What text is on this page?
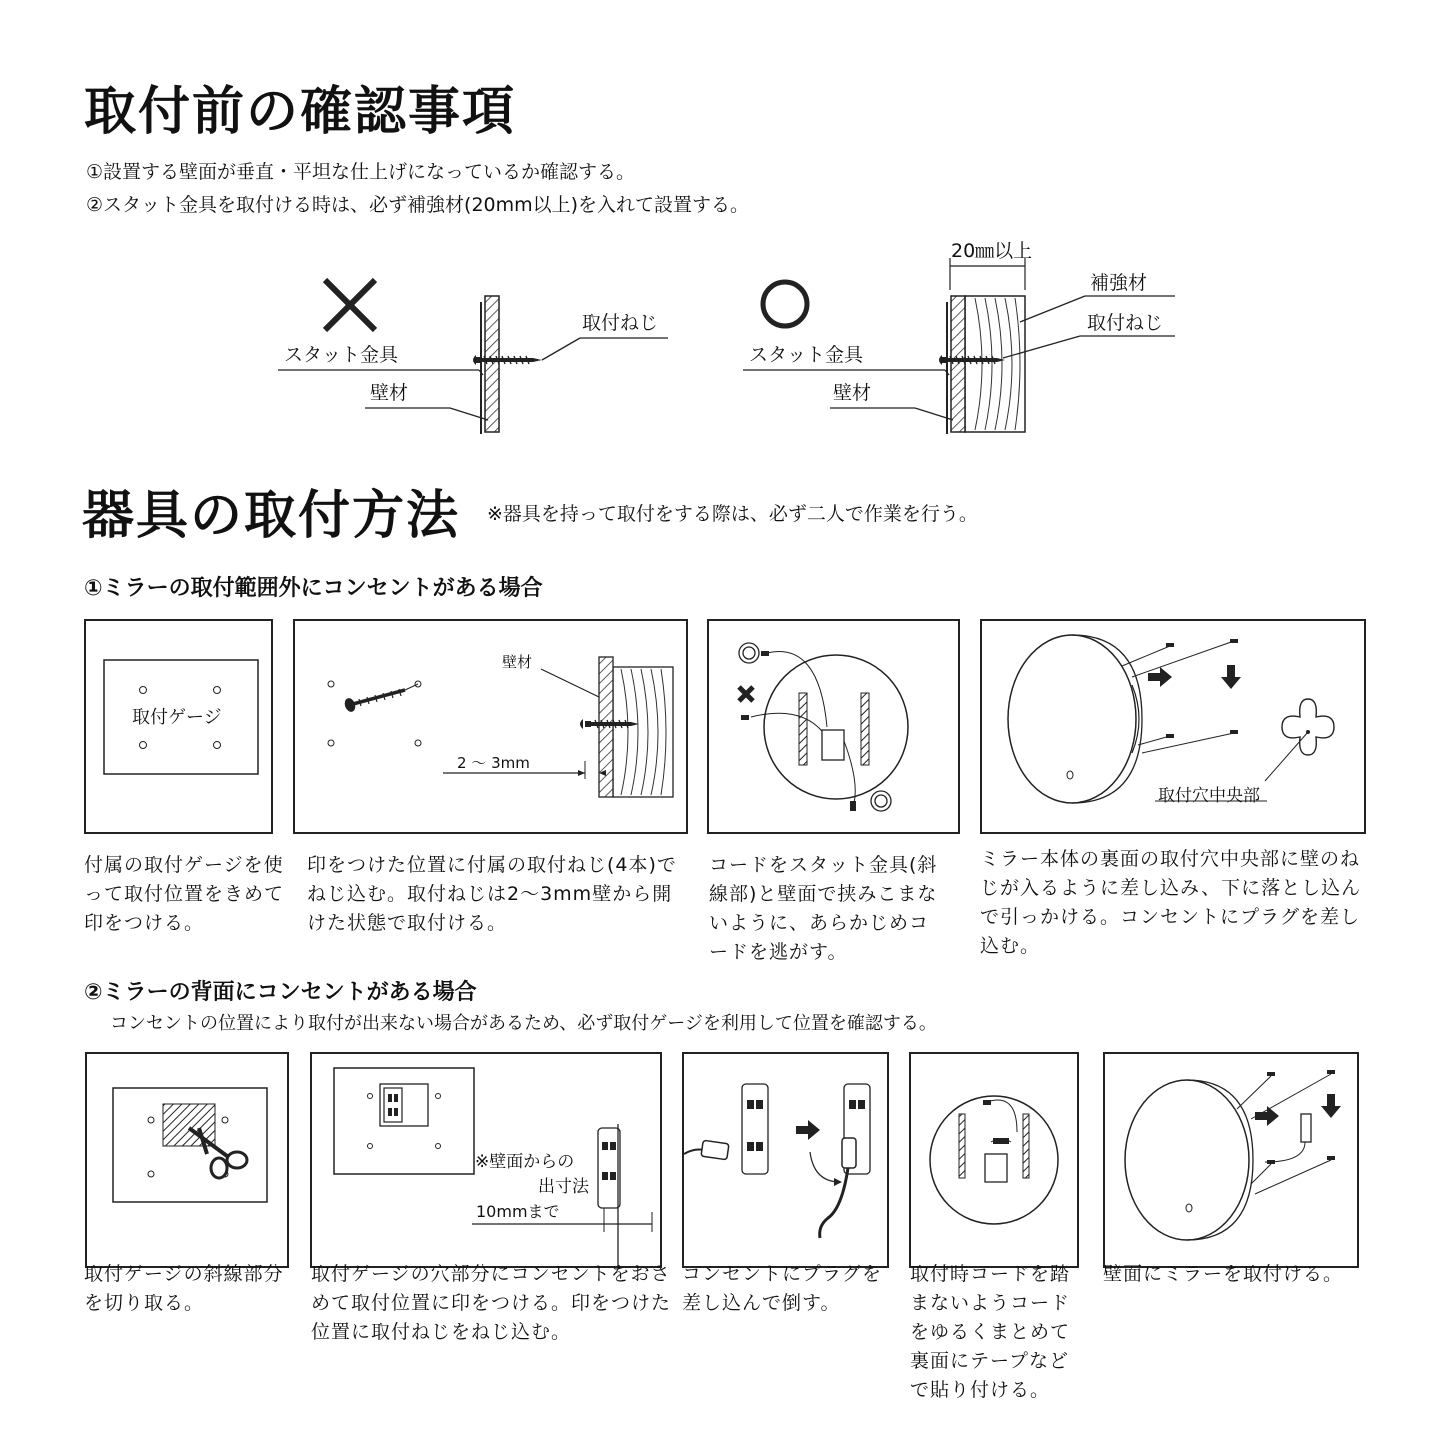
取付前の確認事項
①設置する壁面が垂直・平坦な仕上げになっているか確認する。
②スタット金具を取付ける時は、必ず補強材(20mm以上)を入れて設置する。
取付ねじ
スタット金具
壁材
20㎜以上
補強材
取付ねじ
スタット金具
壁材
器具の取付方法 ※器具を持って取付をする際は、必ず二人で作業を行う。
①ミラーの取付範囲外にコンセントがある場合
取付ゲージ
壁材
2 ～ 3mm
取付穴中央部
付属の取付ゲージを使って取付位置をきめて印をつける。
印をつけた位置に付属の取付ねじ(4本)でねじ込む。取付ねじは2～3mm壁から開けた状態で取付ける。
コードをスタット金具(斜線部)と壁面で挟みこまないように、あらかじめコードを逃がす。
ミラー本体の裏面の取付穴中央部に壁のねじが入るように差し込み、下に落とし込んで引っかける。コンセントにプラグを差し込む。
②ミラーの背面にコンセントがある場合
コンセントの位置により取付が出来ない場合があるため、必ず取付ゲージを利用して位置を確認する。
※壁面からの
出寸法
10mmまで
取付ゲージの斜線部分を切り取る。
取付ゲージの穴部分にコンセントをおさめて取付位置に印をつける。印をつけた位置に取付ねじをねじ込む。
コンセントにプラグを差し込んで倒す。
取付時コードを踏まないようコードをゆるくまとめて裏面にテープなどで貼り付ける。
壁面にミラーを取付ける。
